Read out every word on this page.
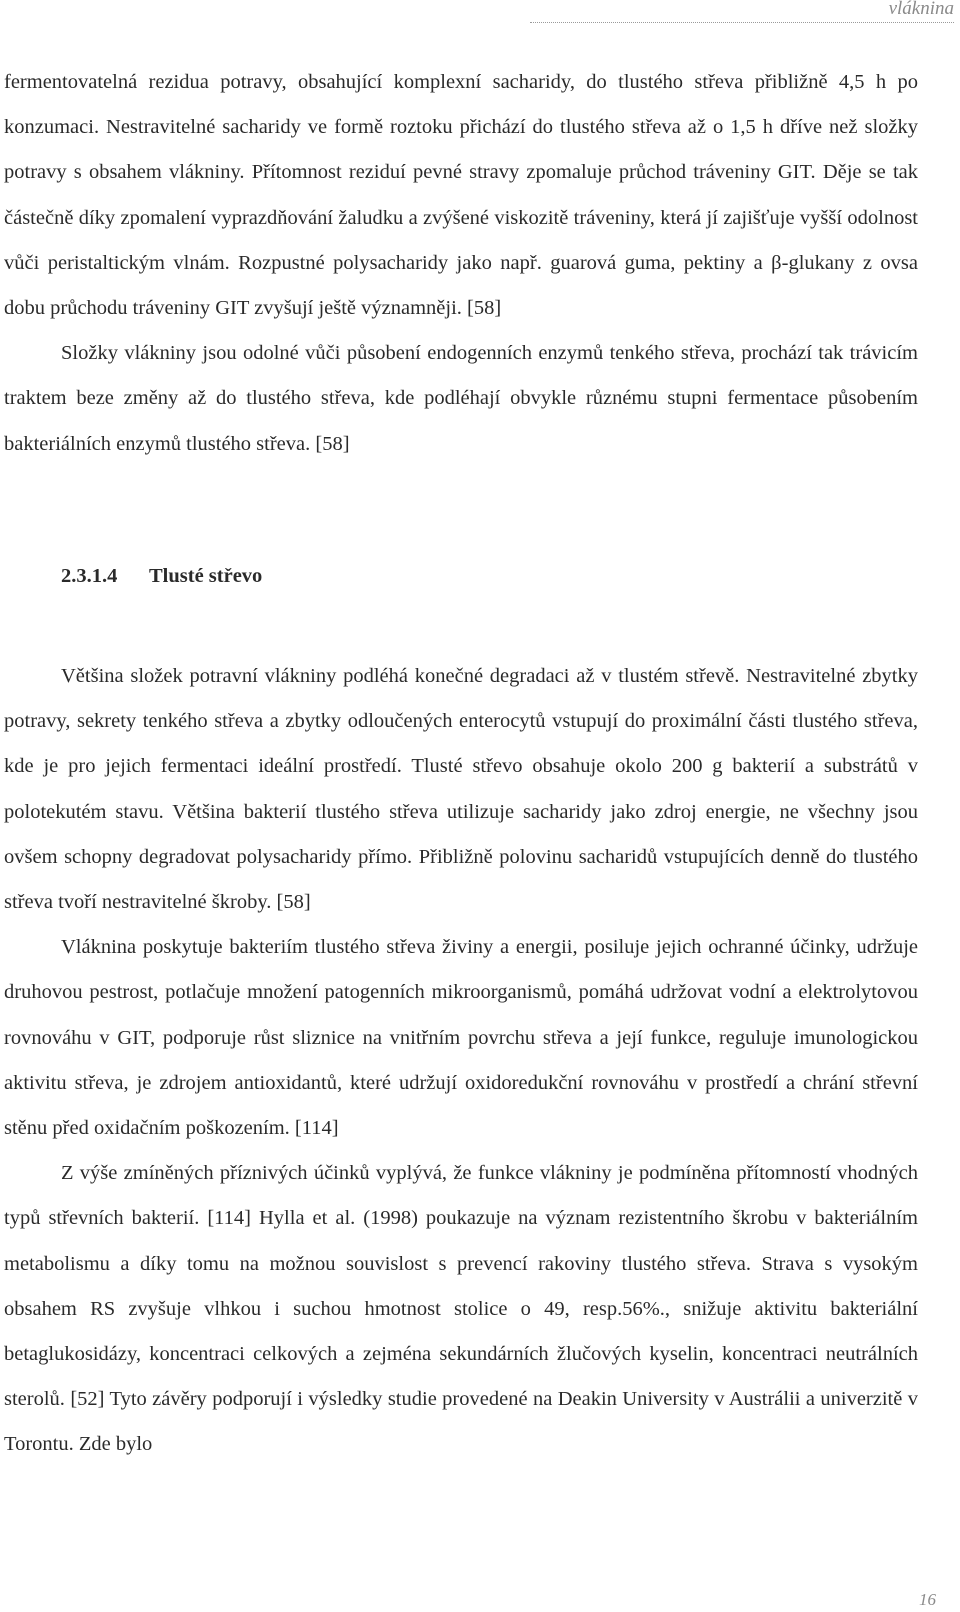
vláknina

fermentovatelná rezidua potravy, obsahující komplexní sacharidy, do tlustého střeva přibližně 4,5 h po konzumaci. Nestravitelné sacharidy ve formě roztoku přichází do tlustého střeva až o 1,5 h dříve než složky potravy s obsahem vlákniny. Přítomnost reziduí pevné stravy zpomaluje průchod tráveniny GIT. Děje se tak částečně díky zpomalení vyprazdňování žaludku a zvýšené viskozitě tráveniny, která jí zajišťuje vyšší odolnost vůči peristaltickým vlnám. Rozpustné polysacharidy jako např. guarová guma, pektiny a β-glukany z ovsa dobu průchodu tráveniny GIT zvyšují ještě významněji. [58]

Složky vlákniny jsou odolné vůči působení endogenních enzymů tenkého střeva, prochází tak trávicím traktem beze změny až do tlustého střeva, kde podléhají obvykle různému stupni fermentace působením bakteriálních enzymů tlustého střeva. [58]

2.3.1.4 Tlusté střevo

Většina složek potravní vlákniny podléhá konečné degradaci až v tlustém střevě. Nestravitelné zbytky potravy, sekrety tenkého střeva a zbytky odloučených enterocytů vstupují do proximální části tlustého střeva, kde je pro jejich fermentaci ideální prostředí. Tlusté střevo obsahuje okolo 200 g bakterií a substrátů v polotekutém stavu. Většina bakterií tlustého střeva utilizuje sacharidy jako zdroj energie, ne všechny jsou ovšem schopny degradovat polysacharidy přímo. Přibližně polovinu sacharidů vstupujících denně do tlustého střeva tvoří nestravitelné škroby. [58]

Vláknina poskytuje bakteriím tlustého střeva živiny a energii, posiluje jejich ochranné účinky, udržuje druhovou pestrost, potlačuje množení patogenních mikroorganismů, pomáhá udržovat vodní a elektrolytovou rovnováhu v GIT, podporuje růst sliznice na vnitřním povrchu střeva a její funkce, reguluje imunologickou aktivitu střeva, je zdrojem antioxidantů, které udržují oxidoredukční rovnováhu v prostředí a chrání střevní stěnu před oxidačním poškozením. [114]

Z výše zmíněných příznivých účinků vyplývá, že funkce vlákniny je podmíněna přítomností vhodných typů střevních bakterií. [114] Hylla et al. (1998) poukazuje na význam rezistentního škrobu v bakteriálním metabolismu a díky tomu na možnou souvislost s prevencí rakoviny tlustého střeva. Strava s vysokým obsahem RS zvyšuje vlhkou i suchou hmotnost stolice o 49, resp.56%., snižuje aktivitu bakteriální betaglukosidázy, koncentraci celkových a zejména sekundárních žlučových kyselin, koncentraci neutrálních sterolů. [52] Tyto závěry podporují i výsledky studie provedené na Deakin University v Austrálii a univerzitě v Torontu. Zde bylo

16
